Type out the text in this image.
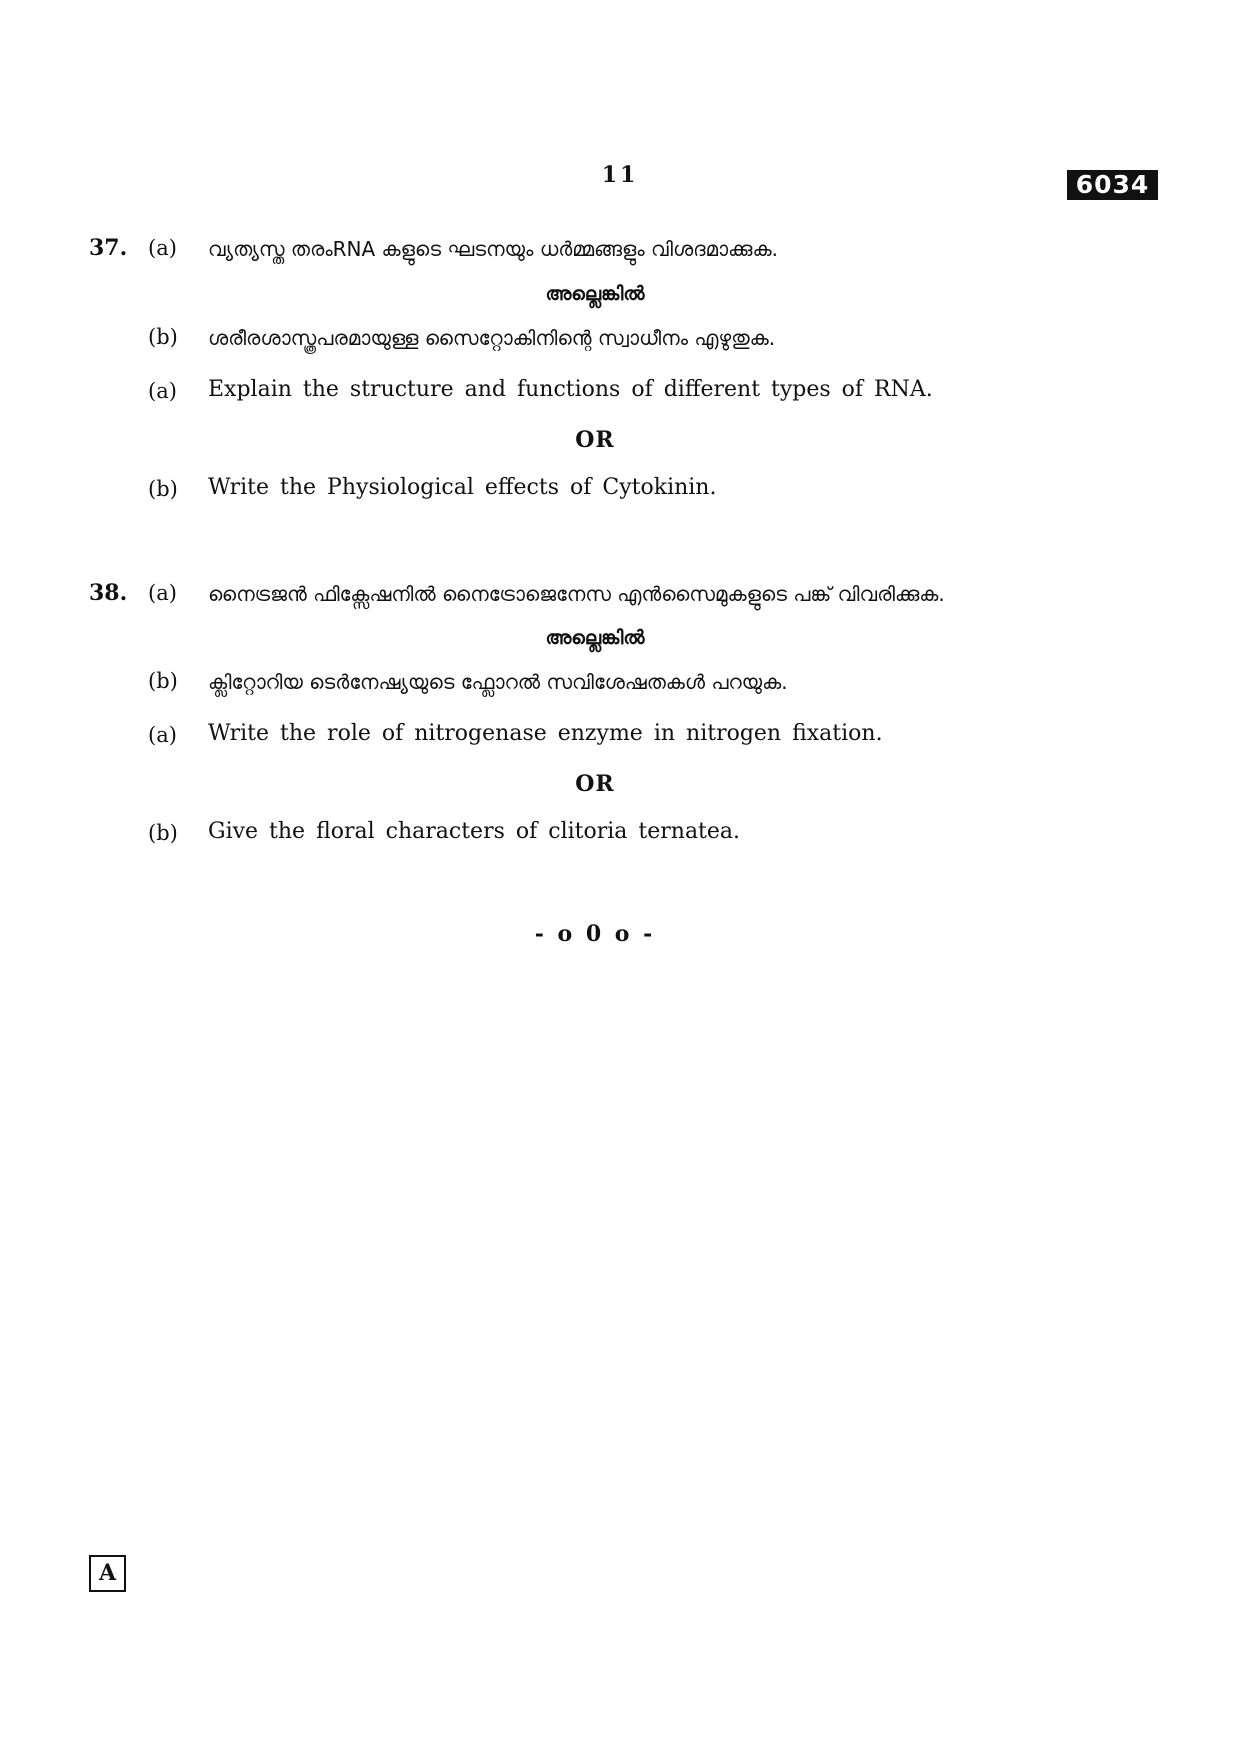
11	6034
37. (a) വ്യത്യസ്ത തരംRNA കളുടെ ഘടനയും ധർമ്മങ്ങളും വിശദമാക്കുക.
അല്ലെങ്കിൽ
(b) ശരീരശാസ്ത്രപരമായുള്ള സൈറ്റോകിനിന്റെ സ്വാധീനം എഴുതുക.
(a) Explain the structure and functions of different types of RNA.
OR
(b) Write the Physiological effects of Cytokinin.
38. (a) നൈട്രജൻ ഫിക്സേഷനിൽ നൈട്രോജെനേസ എൻസൈമുകളുടെ പങ്ക് വിവരിക്കുക.
അല്ലെങ്കിൽ
(b) ക്ലിറ്റോറിയ ടെർനേഷ്യയുടെ ഫ്ലോറൽ സവിശേഷതകൾ പറയുക.
(a) Write the role of nitrogenase enzyme in nitrogen fixation.
OR
(b) Give the floral characters of clitoria ternatea.
- o 0 o -
A
